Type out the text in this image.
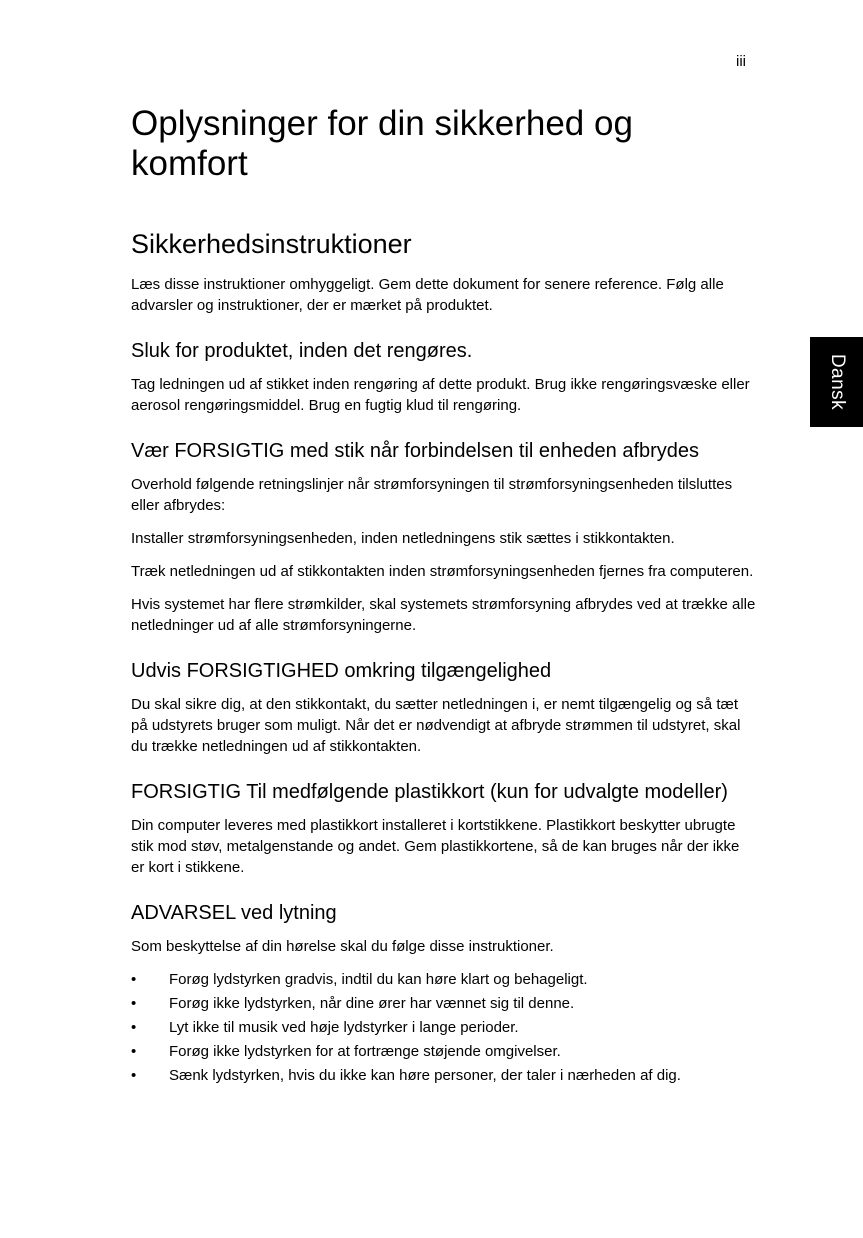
iii
Dansk
Oplysninger for din sikkerhed og komfort
Sikkerhedsinstruktioner

Læs disse instruktioner omhyggeligt. Gem dette dokument for senere reference. Følg alle advarsler og instruktioner, der er mærket på produktet.

Sluk for produktet, inden det rengøres.

Tag ledningen ud af stikket inden rengøring af dette produkt. Brug ikke rengøringsvæske eller aerosol rengøringsmiddel. Brug en fugtig klud til rengøring.

Vær FORSIGTIG med stik når forbindelsen til enheden afbrydes

Overhold følgende retningslinjer når strømforsyningen til strømforsyningsenheden tilsluttes eller afbrydes:

Installer strømforsyningsenheden, inden netledningens stik sættes i stikkontakten.

Træk netledningen ud af stikkontakten inden strømforsyningsenheden fjernes fra computeren.

Hvis systemet har flere strømkilder, skal systemets strømforsyning afbrydes ved at trække alle netledninger ud af alle strømforsyningerne.

Udvis FORSIGTIGHED omkring tilgængelighed

Du skal sikre dig, at den stikkontakt, du sætter netledningen i, er nemt tilgængelig og så tæt på udstyrets bruger som muligt. Når det er nødvendigt at afbryde strømmen til udstyret, skal du trække netledningen ud af stikkontakten.

FORSIGTIG Til medfølgende plastikkort (kun for udvalgte modeller)

Din computer leveres med plastikkort installeret i kortstikkene. Plastikkort beskytter ubrugte stik mod støv, metalgenstande og andet. Gem plastikkortene, så de kan bruges når der ikke er kort i stikkene.

ADVARSEL ved lytning

Som beskyttelse af din hørelse skal du følge disse instruktioner.

• Forøg lydstyrken gradvis, indtil du kan høre klart og behageligt.
• Forøg ikke lydstyrken, når dine ører har vænnet sig til denne.
• Lyt ikke til musik ved høje lydstyrker i lange perioder.
• Forøg ikke lydstyrken for at fortrænge støjende omgivelser.
• Sænk lydstyrken, hvis du ikke kan høre personer, der taler i nærheden af dig.
